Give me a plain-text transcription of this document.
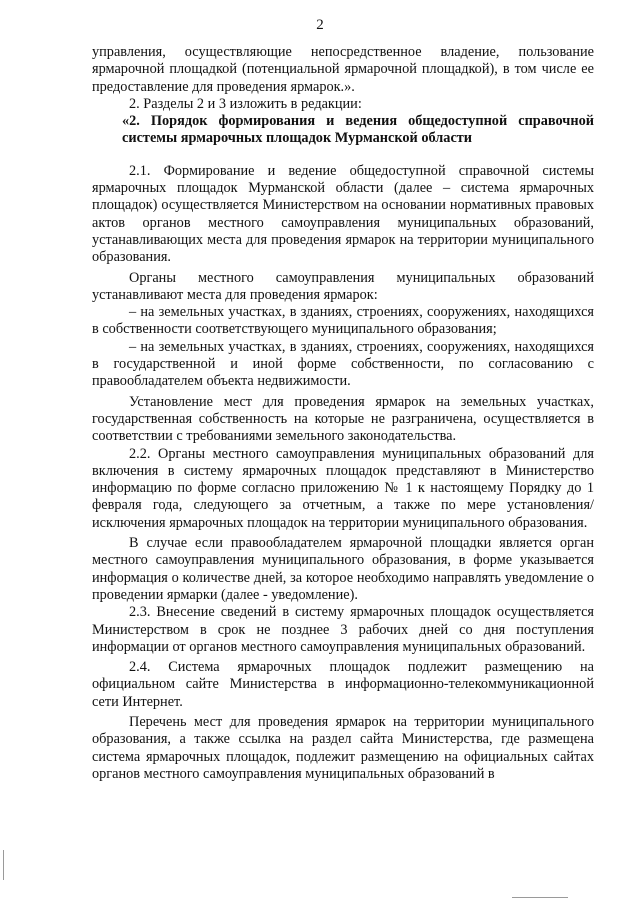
2

управления, осуществляющие непосредственное владение, пользование ярмарочной площадкой (потенциальной ярмарочной площадкой), в том числе ее предоставление для проведения ярмарок.».

2. Разделы 2 и 3 изложить в редакции:

«2. Порядок формирования и ведения общедоступной справочной системы ярмарочных площадок Мурманской области

2.1. Формирование и ведение общедоступной справочной системы ярмарочных площадок Мурманской области (далее – система ярмарочных площадок) осуществляется Министерством на основании нормативных правовых актов органов местного самоуправления муниципальных образований, устанавливающих места для проведения ярмарок на территории муниципального образования.

Органы местного самоуправления муниципальных образований устанавливают места для проведения ярмарок:

– на земельных участках, в зданиях, строениях, сооружениях, находящихся в собственности соответствующего муниципального образования;

– на земельных участках, в зданиях, строениях, сооружениях, находящихся в государственной и иной форме собственности, по согласованию с правообладателем объекта недвижимости.

Установление мест для проведения ярмарок на земельных участках, государственная собственность на которые не разграничена, осуществляется в соответствии с требованиями земельного законодательства.

2.2. Органы местного самоуправления муниципальных образований для включения в систему ярмарочных площадок представляют в Министерство информацию по форме согласно приложению № 1 к настоящему Порядку до 1 февраля года, следующего за отчетным, а также по мере установления/исключения ярмарочных площадок на территории муниципального образования.

В случае если правообладателем ярмарочной площадки является орган местного самоуправления муниципального образования, в форме указывается информация о количестве дней, за которое необходимо направлять уведомление о проведении ярмарки (далее - уведомление).

2.3. Внесение сведений в систему ярмарочных площадок осуществляется Министерством в срок не позднее 3 рабочих дней со дня поступления информации от органов местного самоуправления муниципальных образований.

2.4. Система ярмарочных площадок подлежит размещению на официальном сайте Министерства в информационно-телекоммуникационной сети Интернет.

Перечень мест для проведения ярмарок на территории муниципального образования, а также ссылка на раздел сайта Министерства, где размещена система ярмарочных площадок, подлежит размещению на официальных сайтах органов местного самоуправления муниципальных образований в
